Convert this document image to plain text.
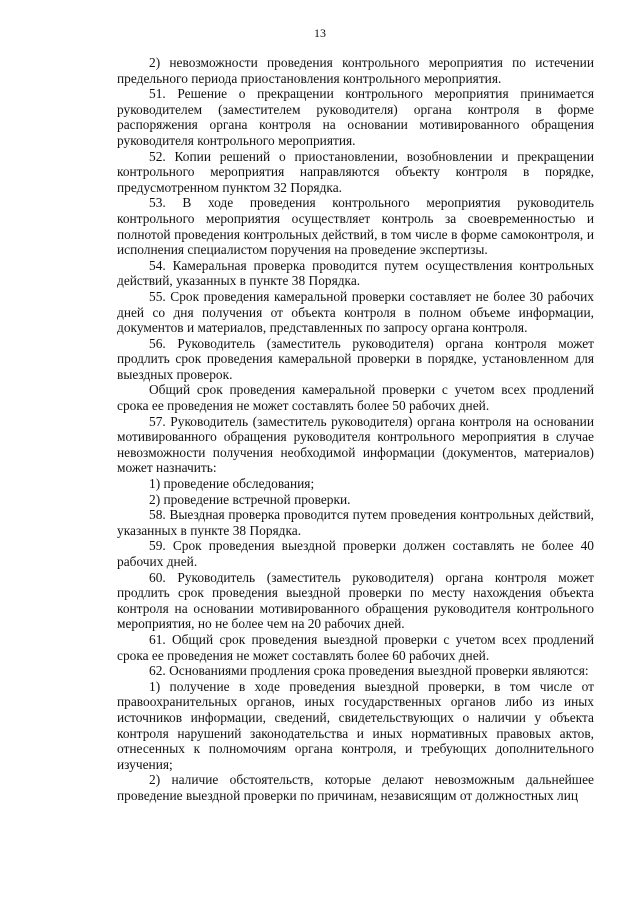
13

2) невозможности проведения контрольного мероприятия по истечении предельного периода приостановления контрольного мероприятия.

51. Решение о прекращении контрольного мероприятия принимается руководителем (заместителем руководителя) органа контроля в форме распоряжения органа контроля на основании мотивированного обращения руководителя контрольного мероприятия.

52. Копии решений о приостановлении, возобновлении и прекращении контрольного мероприятия направляются объекту контроля в порядке, предусмотренном пунктом 32 Порядка.

53. В ходе проведения контрольного мероприятия руководитель контрольного мероприятия осуществляет контроль за своевременностью и полнотой проведения контрольных действий, в том числе в форме самоконтроля, и исполнения специалистом поручения на проведение экспертизы.

54. Камеральная проверка проводится путем осуществления контрольных действий, указанных в пункте 38 Порядка.

55. Срок проведения камеральной проверки составляет не более 30 рабочих дней со дня получения от объекта контроля в полном объеме информации, документов и материалов, представленных по запросу органа контроля.

56. Руководитель (заместитель руководителя) органа контроля может продлить срок проведения камеральной проверки в порядке, установленном для выездных проверок.

Общий срок проведения камеральной проверки с учетом всех продлений срока ее проведения не может составлять более 50 рабочих дней.

57. Руководитель (заместитель руководителя) органа контроля на основании мотивированного обращения руководителя контрольного мероприятия в случае невозможности получения необходимой информации (документов, материалов) может назначить:

1) проведение обследования;

2) проведение встречной проверки.

58. Выездная проверка проводится путем проведения контрольных действий, указанных в пункте 38 Порядка.

59. Срок проведения выездной проверки должен составлять не более 40 рабочих дней.

60. Руководитель (заместитель руководителя) органа контроля может продлить срок проведения выездной проверки по месту нахождения объекта контроля на основании мотивированного обращения руководителя контрольного мероприятия, но не более чем на 20 рабочих дней.

61. Общий срок проведения выездной проверки с учетом всех продлений срока ее проведения не может составлять более 60 рабочих дней.

62. Основаниями продления срока проведения выездной проверки являются:

1) получение в ходе проведения выездной проверки, в том числе от правоохранительных органов, иных государственных органов либо из иных источников информации, сведений, свидетельствующих о наличии у объекта контроля нарушений законодательства и иных нормативных правовых актов, отнесенных к полномочиям органа контроля, и требующих дополнительного изучения;

2) наличие обстоятельств, которые делают невозможным дальнейшее проведение выездной проверки по причинам, независящим от должностных лиц
